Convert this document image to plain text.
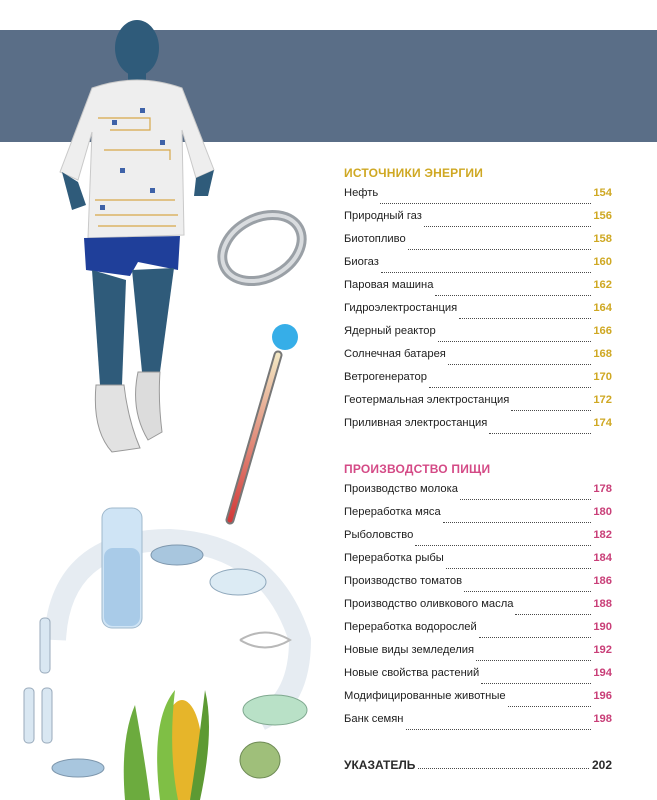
ИСТОЧНИКИ ЭНЕРГИИ
Нефть	154
Природный газ	156
Биотопливо	158
Биогаз	160
Паровая машина	162
Гидроэлектростанция	164
Ядерный реактор	166
Солнечная батарея	168
Ветрогенератор	170
Геотермальная электростанция	172
Приливная электростанция	174
ПРОИЗВОДСТВО ПИЩИ
Производство молока	178
Переработка мяса	180
Рыболовство	182
Переработка рыбы	184
Производство томатов	186
Производство оливкового масла	188
Переработка водорослей	190
Новые виды земледелия	192
Новые свойства растений	194
Модифицированные животные	196
Банк семян	198
УКАЗАТЕЛЬ	202
